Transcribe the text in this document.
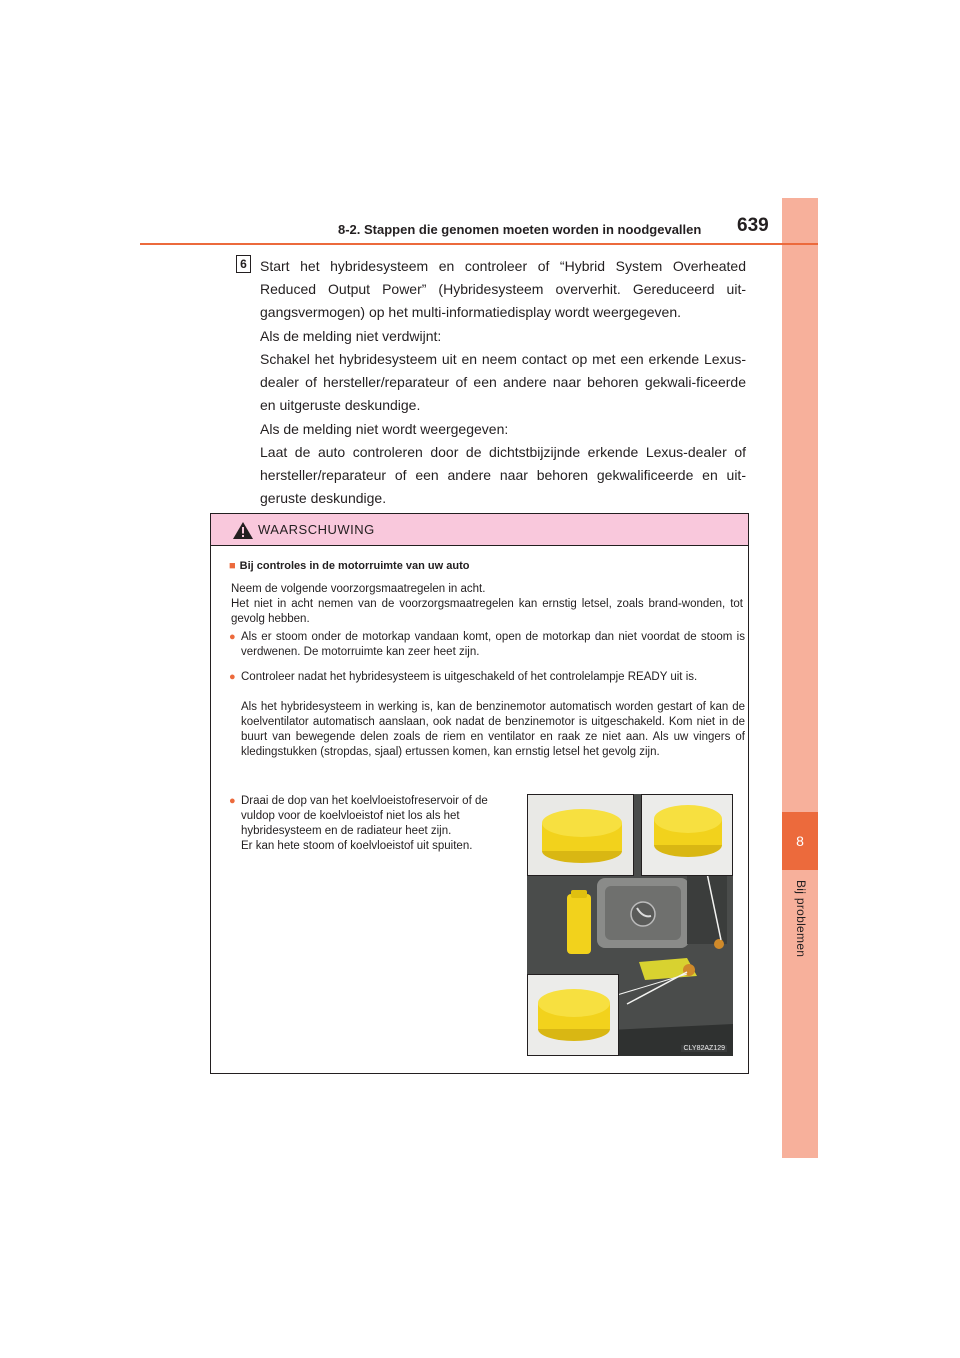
8
Bij problemen
8-2. Stappen die genomen moeten worden in noodgevallen 639
6 Start het hybridesysteem en controleer of “Hybrid System Overheated Reduced Output Power” (Hybridesysteem oververhit. Gereduceerd uit-gangsvermogen) op het multi-informatiedisplay wordt weergegeven.
Als de melding niet verdwijnt:
Schakel het hybridesysteem uit en neem contact op met een erkende Lexus-dealer of hersteller/reparateur of een andere naar behoren gekwali-ficeerde en uitgeruste deskundige.
Als de melding niet wordt weergegeven:
Laat de auto controleren door de dichtstbijzijnde erkende Lexus-dealer of hersteller/reparateur of een andere naar behoren gekwalificeerde en uit-geruste deskundige.
WAARSCHUWING
■ Bij controles in de motorruimte van uw auto
Neem de volgende voorzorgsmaatregelen in acht.
Het niet in acht nemen van de voorzorgsmaatregelen kan ernstig letsel, zoals brand-wonden, tot gevolg hebben.
● Als er stoom onder de motorkap vandaan komt, open de motorkap dan niet voordat de stoom is verdwenen. De motorruimte kan zeer heet zijn.
● Controleer nadat het hybridesysteem is uitgeschakeld of het controlelampje READY uit is.
Als het hybridesysteem in werking is, kan de benzinemotor automatisch worden gestart of kan de koelventilator automatisch aanslaan, ook nadat de benzinemotor is uitgeschakeld. Kom niet in de buurt van bewegende delen zoals de riem en ventilator en raak ze niet aan. Als uw vingers of kledingstukken (stropdas, sjaal) ertussen komen, kan ernstig letsel het gevolg zijn.
● Draai de dop van het koelvloeistofreservoir of de vuldop voor de koelvloeistof niet los als het hybridesysteem en de radiateur heet zijn.
Er kan hete stoom of koelvloeistof uit spuiten.
CLY82AZ129
